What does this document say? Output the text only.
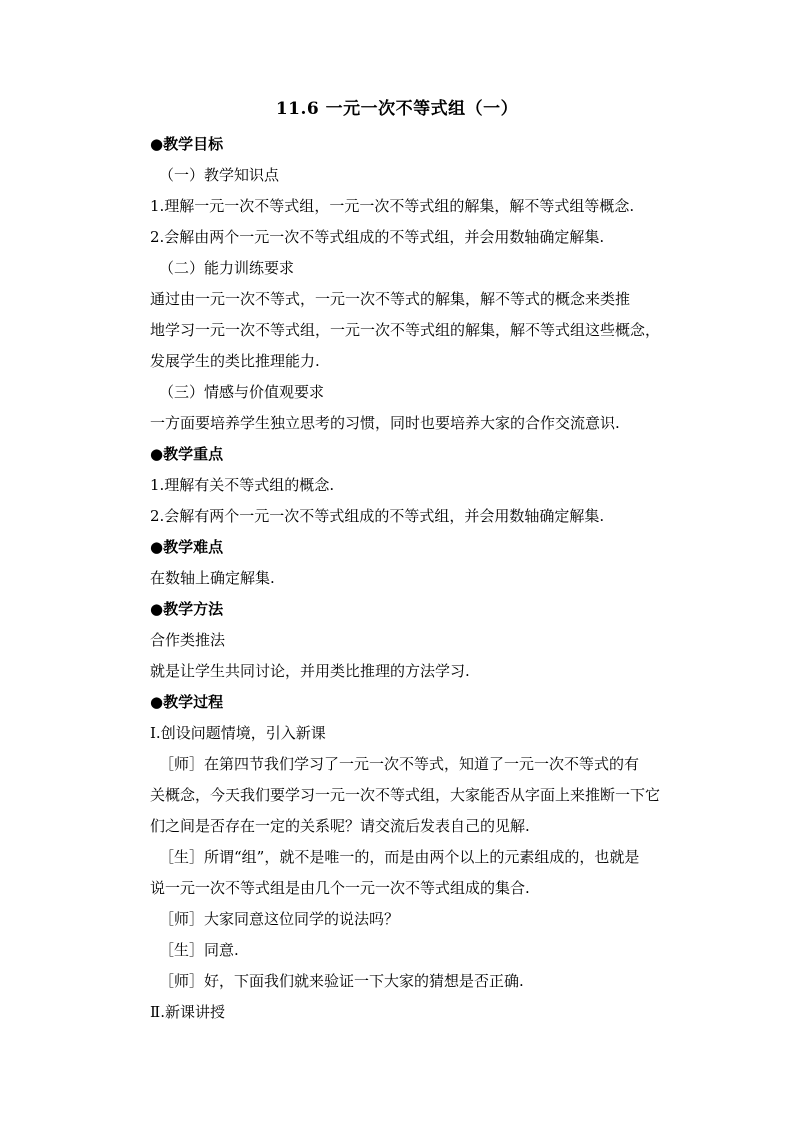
11.6 一元一次不等式组（一）
●教学目标
（一）教学知识点
1.理解一元一次不等式组，一元一次不等式组的解集，解不等式组等概念.
2.会解由两个一元一次不等式组成的不等式组，并会用数轴确定解集.
（二）能力训练要求
通过由一元一次不等式，一元一次不等式的解集，解不等式的概念来类推
地学习一元一次不等式组，一元一次不等式组的解集，解不等式组这些概念，
发展学生的类比推理能力.
（三）情感与价值观要求
一方面要培养学生独立思考的习惯，同时也要培养大家的合作交流意识.
●教学重点
1.理解有关不等式组的概念.
2.会解有两个一元一次不等式组成的不等式组，并会用数轴确定解集.
●教学难点
在数轴上确定解集.
●教学方法
合作类推法
就是让学生共同讨论，并用类比推理的方法学习.
●教学过程
Ⅰ.创设问题情境，引入新课
［师］在第四节我们学习了一元一次不等式，知道了一元一次不等式的有
关概念，今天我们要学习一元一次不等式组，大家能否从字面上来推断一下它
们之间是否存在一定的关系呢？请交流后发表自己的见解.
［生］所谓“组”，就不是唯一的，而是由两个以上的元素组成的，也就是
说一元一次不等式组是由几个一元一次不等式组成的集合.
［师］大家同意这位同学的说法吗？
［生］同意.
［师］好，下面我们就来验证一下大家的猜想是否正确.
Ⅱ.新课讲授
